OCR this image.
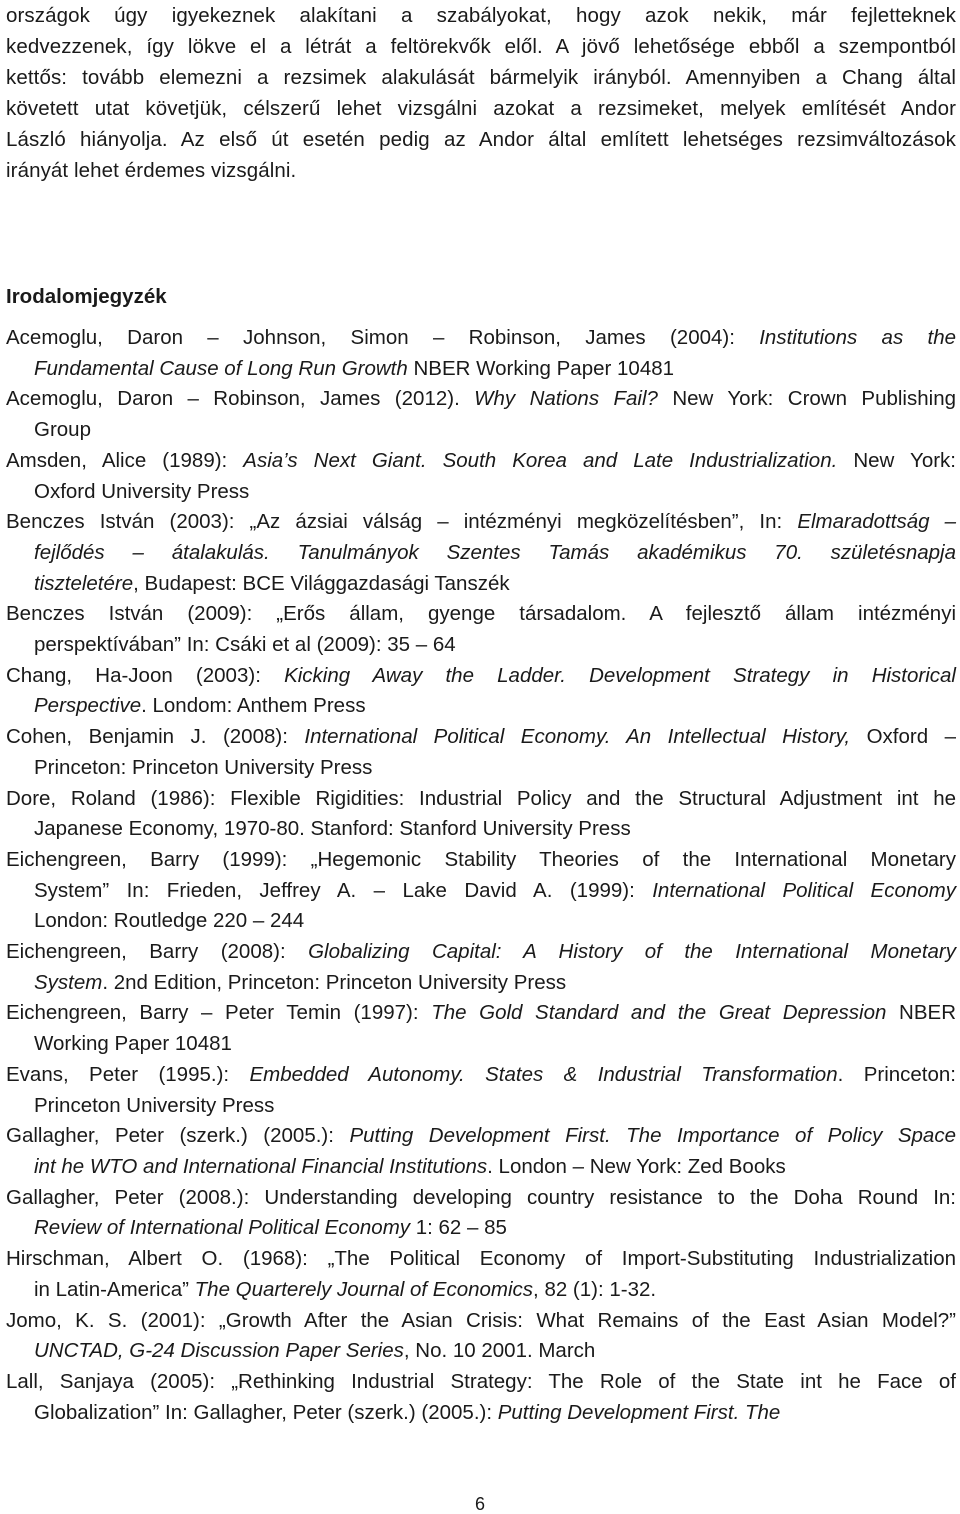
országok úgy igyekeznek alakítani a szabályokat, hogy azok nekik, már fejletteknek
kedvezzenek, így lökve el a létrát a feltörekvők elől. A jövő lehetősége ebből a szempontból
kettős: tovább elemezni a rezsimek alakulását bármelyik irányból. Amennyiben a Chang által
követett utat követjük, célszerű lehet vizsgálni azokat a rezsimeket, melyek említését Andor
László hiányolja. Az első út esetén pedig az Andor által említett lehetséges rezsimváltozások
irányát lehet érdemes vizsgálni.

Irodalomjegyzék
Acemoglu, Daron – Johnson, Simon – Robinson, James (2004): Institutions as the
Fundamental Cause of Long Run Growth NBER Working Paper 10481
Acemoglu, Daron – Robinson, James (2012). Why Nations Fail? New York: Crown Publishing
Group
Amsden, Alice (1989): Asia’s Next Giant. South Korea and Late Industrialization. New York:
Oxford University Press
Benczes István (2003): „Az ázsiai válság – intézményi megközelítésben”, In: Elmaradottság –
fejlődés – átalakulás. Tanulmányok Szentes Tamás akadémikus 70. születésnapja
tiszteletére, Budapest: BCE Világgazdasági Tanszék
Benczes István (2009): „Erős állam, gyenge társadalom. A fejlesztő állam intézményi
perspektívában” In: Csáki et al (2009): 35 – 64
Chang, Ha-Joon (2003): Kicking Away the Ladder. Development Strategy in Historical
Perspective. Londom: Anthem Press
Cohen, Benjamin J. (2008): International Political Economy. An Intellectual History, Oxford –
Princeton: Princeton University Press
Dore, Roland (1986): Flexible Rigidities: Industrial Policy and the Structural Adjustment int he
Japanese Economy, 1970-80. Stanford: Stanford University Press
Eichengreen, Barry (1999): „Hegemonic Stability Theories of the International Monetary
System” In: Frieden, Jeffrey A. – Lake David A. (1999): International Political Economy
London: Routledge 220 – 244
Eichengreen, Barry (2008): Globalizing Capital: A History of the International Monetary
System. 2nd Edition, Princeton: Princeton University Press
Eichengreen, Barry – Peter Temin (1997): The Gold Standard and the Great Depression NBER
Working Paper 10481
Evans, Peter (1995.): Embedded Autonomy. States & Industrial Transformation. Princeton:
Princeton University Press
Gallagher, Peter (szerk.) (2005.): Putting Development First. The Importance of Policy Space
int he WTO and International Financial Institutions. London – New York: Zed Books
Gallagher, Peter (2008.): Understanding developing country resistance to the Doha Round In:
Review of International Political Economy 1: 62 – 85
Hirschman, Albert O. (1968): „The Political Economy of Import-Substituting Industrialization
in Latin-America” The Quarterely Journal of Economics, 82 (1): 1-32.
Jomo, K. S. (2001): „Growth After the Asian Crisis: What Remains of the East Asian Model?”
UNCTAD, G-24 Discussion Paper Series, No. 10 2001. March
Lall, Sanjaya (2005): „Rethinking Industrial Strategy: The Role of the State int he Face of
Globalization” In: Gallagher, Peter (szerk.) (2005.): Putting Development First. The
6
